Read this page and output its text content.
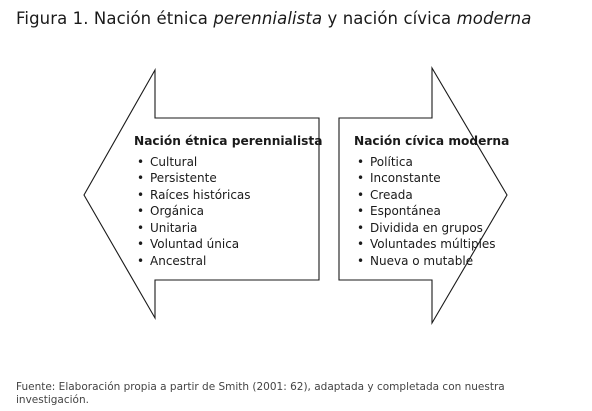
Figura 1. Nación étnica perennialista y nación cívica moderna
Nación étnica perennialista
• Cultural
• Persistente
• Raíces históricas
• Orgánica
• Unitaria
• Voluntad única
• Ancestral
Nación cívica moderna
• Política
• Inconstante
• Creada
• Espontánea
• Dividida en grupos
• Voluntades múltiples
• Nueva o mutable
Fuente: Elaboración propia a partir de Smith (2001: 62), adaptada y completada con nuestra investigación.
